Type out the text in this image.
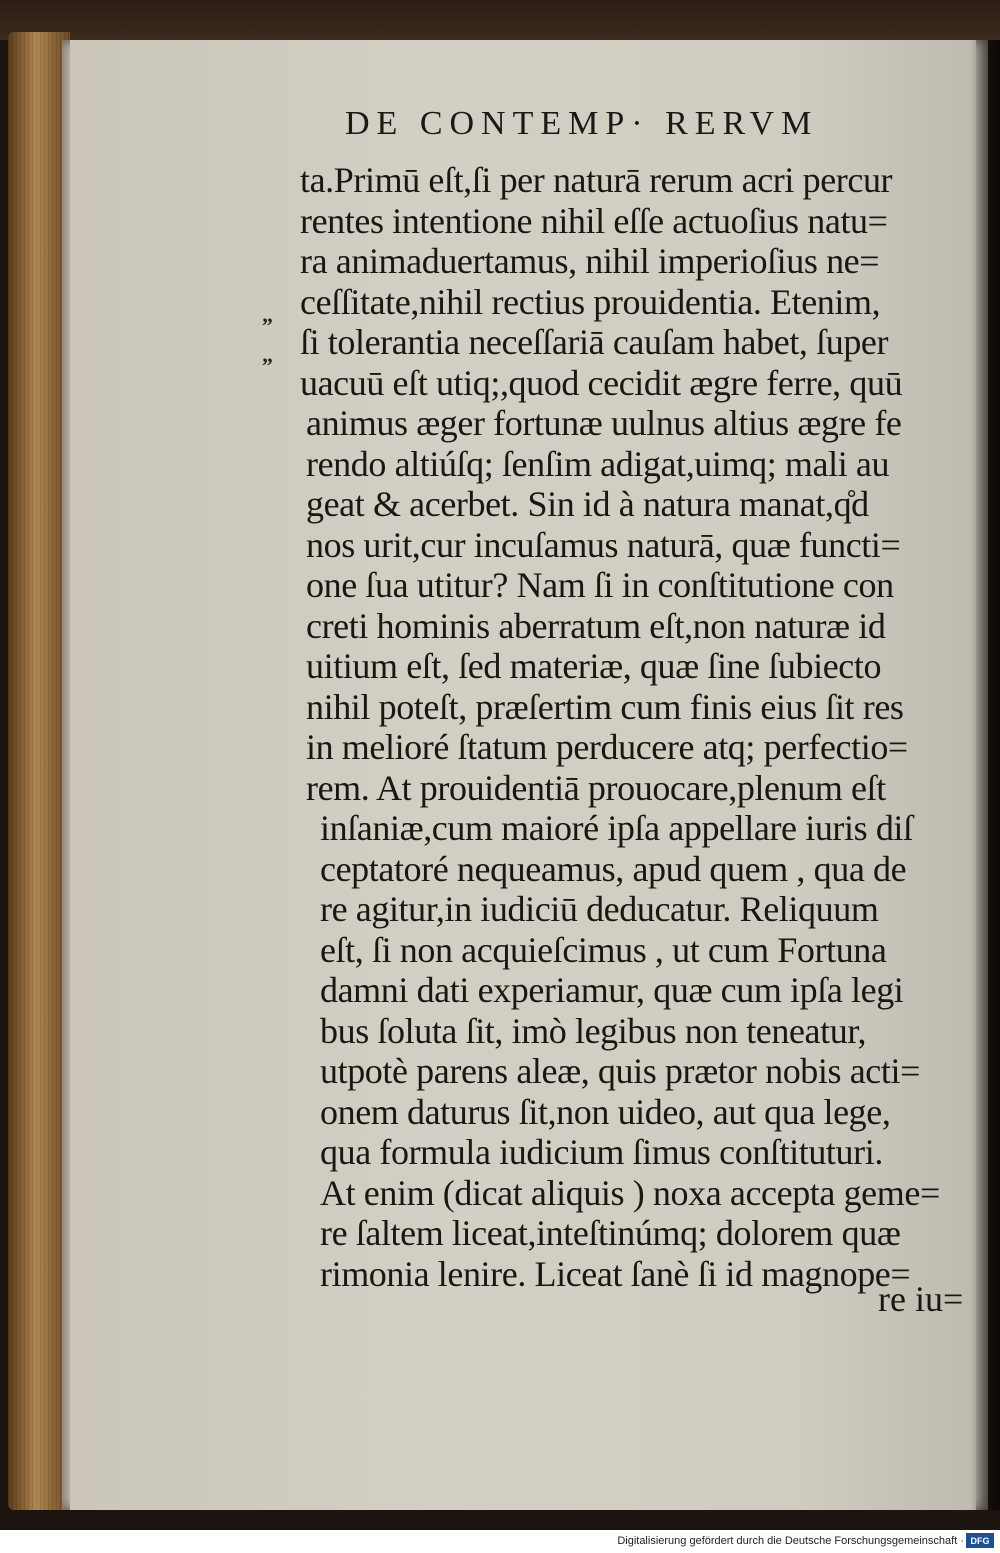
DE CONTEMP· RERVM
„
„
ta.Primū eſt,ſi per naturā rerum acri percur
rentes intentione nihil eſſe actuoſius natu=
ra animaduertamus, nihil imperioſius ne=
ceſſitate,nihil rectius prouidentia. Etenim,
ſi tolerantia neceſſariā cauſam habet, ſuper
uacuū eſt utiq;,quod cecidit ægre ferre, quū
animus æger fortunæ uulnus altius ægre fe
rendo altiúſq; ſenſim adigat,uimq; mali au
geat & acerbet. Sin id à natura manat,q̊d
nos urit,cur incuſamus naturā, quæ functi=
one ſua utitur? Nam ſi in conſtitutione con
creti hominis aberratum eſt,non naturæ id
uitium eſt, ſed materiæ, quæ ſine ſubiecto
nihil poteſt, præſertim cum finis eius ſit res
in melioré ſtatum perducere atq; perfectio=
rem. At prouidentiā prouocare,plenum eſt
inſaniæ,cum maioré ipſa appellare iuris diſ
ceptatoré nequeamus, apud quem , qua de
re agitur,in iudiciū deducatur. Reliquum
eſt, ſi non acquieſcimus , ut cum Fortuna
damni dati experiamur, quæ cum ipſa legi
bus ſoluta ſit, imò legibus non teneatur,
utpotè parens aleæ, quis prætor nobis acti=
onem daturus ſit,non uideo, aut qua lege,
qua formula iudicium ſimus conſtituturi.
At enim (dicat aliquis ) noxa accepta geme=
re ſaltem liceat,inteſtinúmq; dolorem quæ
rimonia lenire. Liceat ſanè ſi id magnope=
re iu=
Digitalisierung gefördert durch die Deutsche Forschungsgemeinschaft · DFG
